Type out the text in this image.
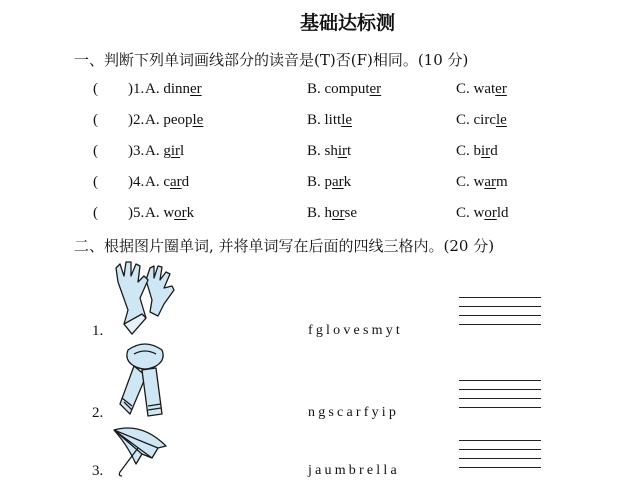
基础达标测
一、判断下列单词画线部分的读音是(T)否(F)相同。(10 分)
( )1. A. dinner	B. computer	C. water
( )2. A. people	B. little	C. circle
( )3. A. girl	B. shirt	C. bird
( )4. A. card	B. park	C. warm
( )5. A. work	B. horse	C. world
二、根据图片圈单词, 并将单词写在后面的四线三格内。(20 分)
1.	fglovesmyt
2.	ngscarfyip
3.	jaumbrella
